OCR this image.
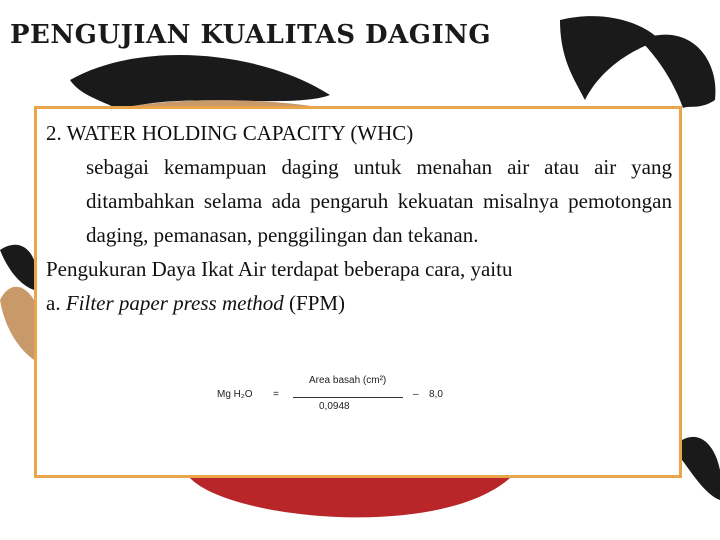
PENGUJIAN KUALITAS DAGING
2. WATER HOLDING CAPACITY (WHC)
sebagai kemampuan daging untuk menahan air atau air yang ditambahkan selama ada pengaruh kekuatan misalnya pemotongan daging, pemanasan, penggilingan dan tekanan.
Pengukuran Daya Ikat Air terdapat beberapa cara, yaitu
a. Filter paper press method (FPM)
Mg H₂O =
Area basah (cm²)
0,0948
– 8,0
